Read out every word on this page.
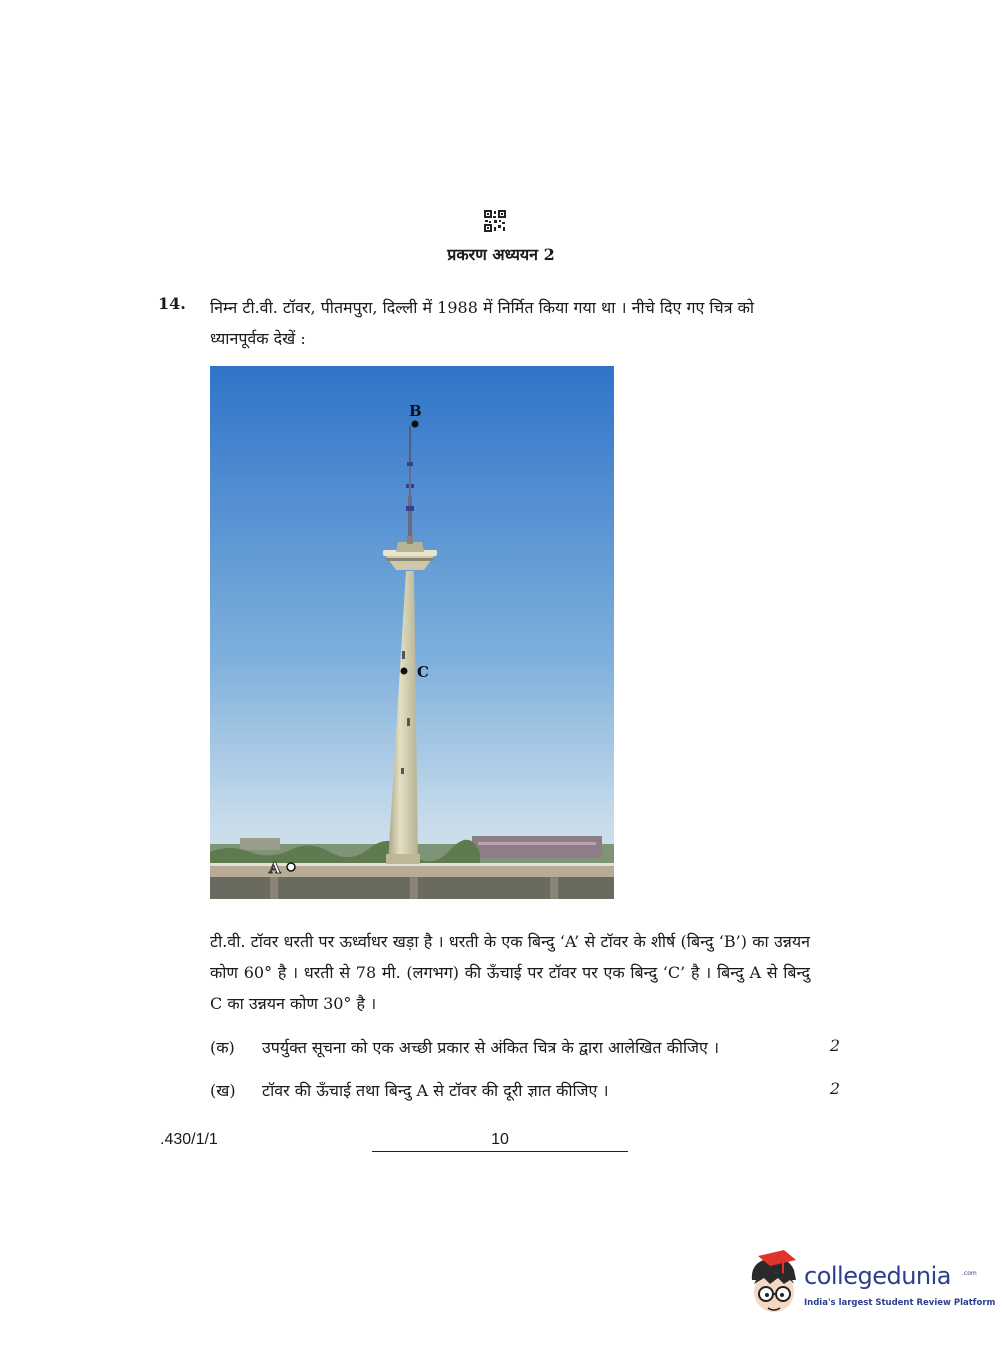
प्रकरण अध्ययन 2
14. निम्न टी.वी. टॉवर, पीतमपुरा, दिल्ली में 1988 में निर्मित किया गया था । नीचे दिए गए चित्र को ध्यानपूर्वक देखें :
B
C
A
टी.वी. टॉवर धरती पर ऊर्ध्वाधर खड़ा है । धरती के एक बिन्दु ‘A’ से टॉवर के शीर्ष (बिन्दु ‘B’) का उन्नयन कोण 60° है । धरती से 78 मी. (लगभग) की ऊँचाई पर टॉवर पर एक बिन्दु ‘C’ है । बिन्दु A से बिन्दु C का उन्नयन कोण 30° है ।
(क) उपर्युक्त सूचना को एक अच्छी प्रकार से अंकित चित्र के द्वारा आलेखित कीजिए ।	2
(ख) टॉवर की ऊँचाई तथा बिन्दु A से टॉवर की दूरी ज्ञात कीजिए ।	2
.430/1/1	10
collegedunia .com
India's largest Student Review Platform
